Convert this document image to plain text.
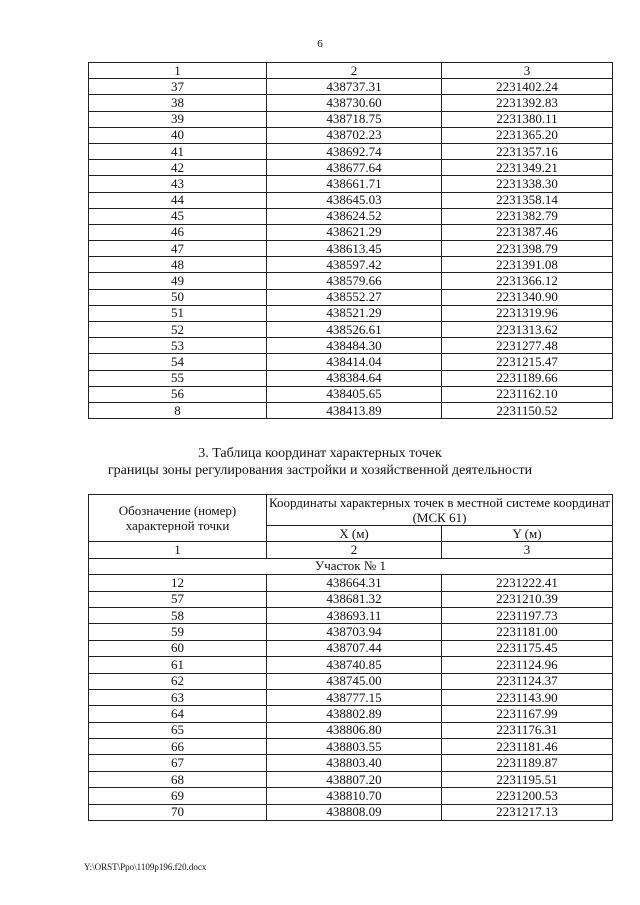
6
1	2	3
37	438737.31	2231402.24
38	438730.60	2231392.83
39	438718.75	2231380.11
40	438702.23	2231365.20
41	438692.74	2231357.16
42	438677.64	2231349.21
43	438661.71	2231338.30
44	438645.03	2231358.14
45	438624.52	2231382.79
46	438621.29	2231387.46
47	438613.45	2231398.79
48	438597.42	2231391.08
49	438579.66	2231366.12
50	438552.27	2231340.90
51	438521.29	2231319.96
52	438526.61	2231313.62
53	438484.30	2231277.48
54	438414.04	2231215.47
55	438384.64	2231189.66
56	438405.65	2231162.10
8	438413.89	2231150.52
3. Таблица координат характерных точек
границы зоны регулирования застройки и хозяйственной деятельности
Обозначение (номер) характерной точки	Координаты характерных точек в местной системе координат (МСК 61)	
	X (м)	Y (м)
1	2	3
Участок № 1		
12	438664.31	2231222.41
57	438681.32	2231210.39
58	438693.11	2231197.73
59	438703.94	2231181.00
60	438707.44	2231175.45
61	438740.85	2231124.96
62	438745.00	2231124.37
63	438777.15	2231143.90
64	438802.89	2231167.99
65	438806.80	2231176.31
66	438803.55	2231181.46
67	438803.40	2231189.87
68	438807.20	2231195.51
69	438810.70	2231200.53
70	438808.09	2231217.13
Y:\ORST\Ppo\1109p196.f20.docx
